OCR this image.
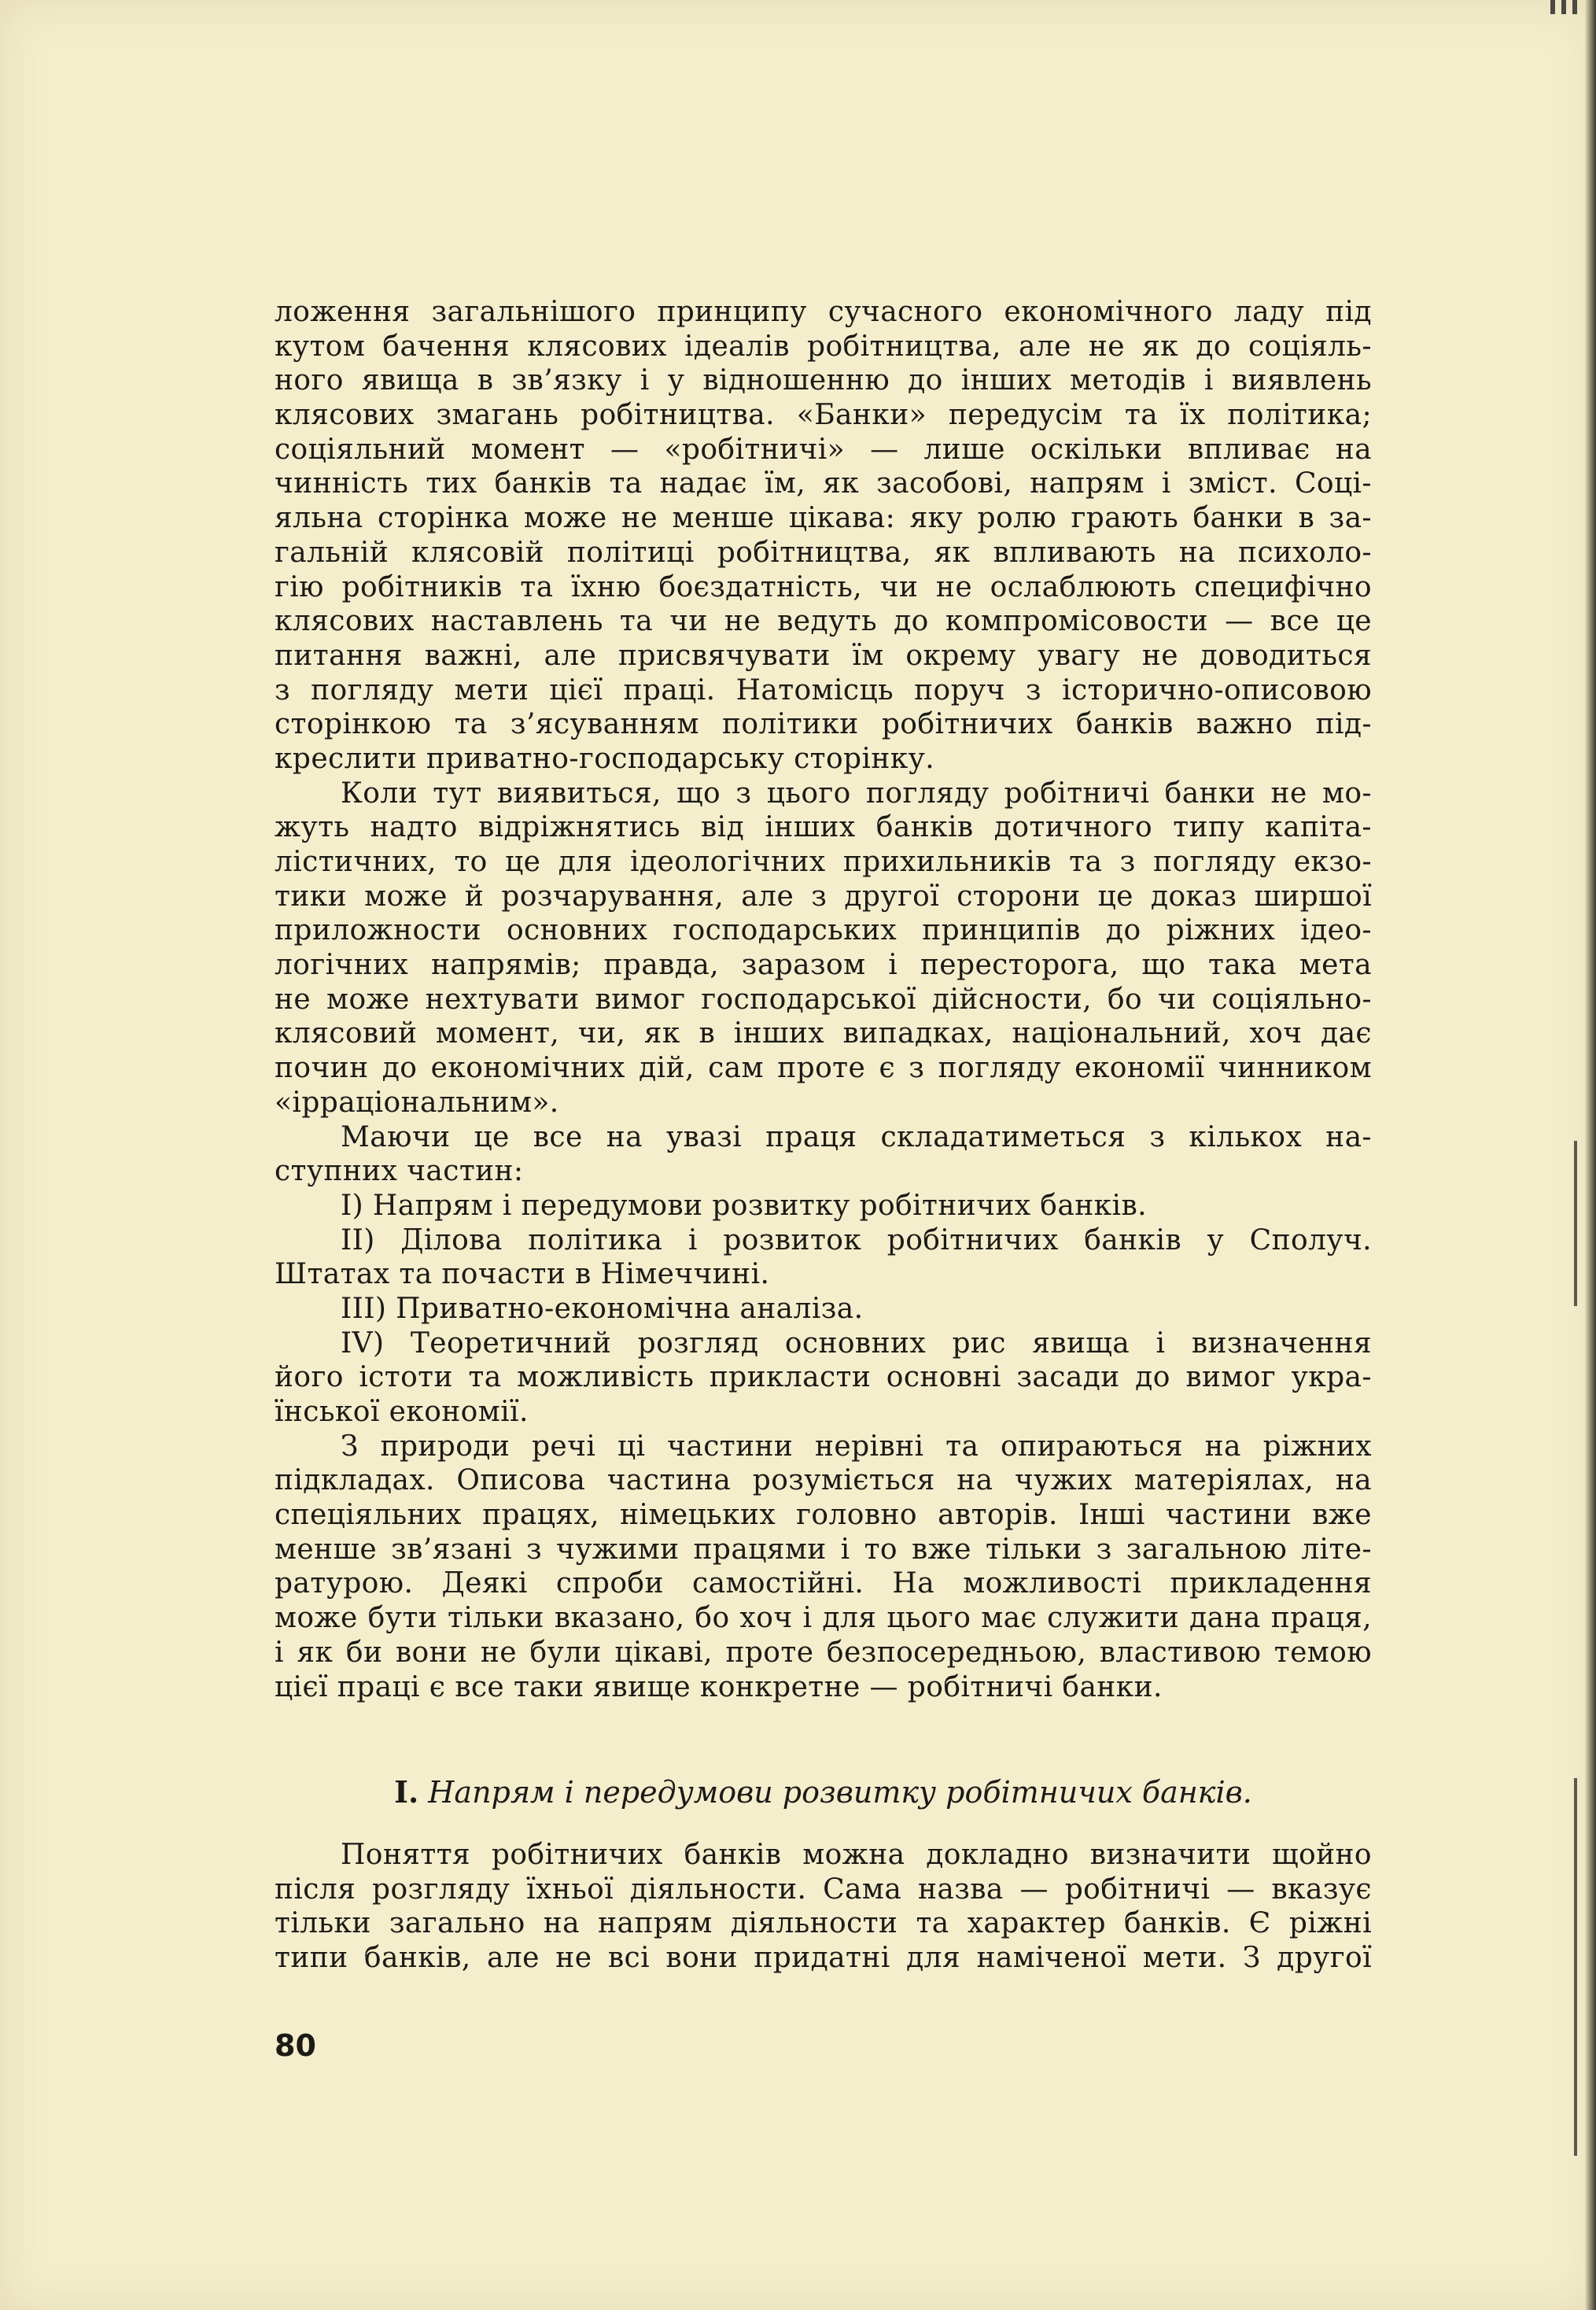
ложення загальнішого принципу сучасного економічного ладу під
кутом бачення клясових ідеалів робітництва, але не як до соціяль-
ного явища в зв’язку і у відношенню до інших методів і виявлень
клясових змагань робітництва. «Банки» передусім та їх політика;
соціяльний момент — «робітничі» — лише оскільки впливає на
чинність тих банків та надає їм, як засобові, напрям і зміст. Соці-
яльна сторінка може не менше цікава: яку ролю грають банки в за-
гальній клясовій політиці робітництва, як впливають на психоло-
гію робітників та їхню боєздатність, чи не ослаблюють специфічно
клясових наставлень та чи не ведуть до компромісовости — все це
питання важні, але присвячувати їм окрему увагу не доводиться
з погляду мети цієї праці. Натомісць поруч з історично-описовою
сторінкою та з’ясуванням політики робітничих банків важно під-
креслити приватно-господарську сторінку.
Коли тут виявиться, що з цього погляду робітничі банки не мо-
жуть надто відріжнятись від інших банків дотичного типу капіта-
лістичних, то це для ідеологічних прихильників та з погляду екзо-
тики може й розчарування, але з другої сторони це доказ ширшої
приложности основних господарських принципів до ріжних ідео-
логічних напрямів; правда, заразом і пересторога, що така мета
не може нехтувати вимог господарської дійсности, бо чи соціяльно-
клясовий момент, чи, як в інших випадках, національний, хоч дає
почин до економічних дій, сам проте є з погляду економії чинником
«ірраціональним».
Маючи це все на увазі праця складатиметься з кількох на-
ступних частин:
I) Напрям і передумови розвитку робітничих банків.
II) Ділова політика і розвиток робітничих банків у Сполуч.
Штатах та почасти в Німеччині.
III) Приватно-економічна аналіза.
IV) Теоретичний розгляд основних рис явища і визначення
його істоти та можливість прикласти основні засади до вимог укра-
їнської економії.
З природи речі ці частини нерівні та опираються на ріжних
підкладах. Описова частина розуміється на чужих матеріялах, на
спеціяльних працях, німецьких головно авторів. Інші частини вже
менше зв’язані з чужими працями і то вже тільки з загальною літе-
ратурою. Деякі спроби самостійні. На можливості прикладення
може бути тільки вказано, бо хоч і для цього має служити дана праця,
і як би вони не були цікаві, проте безпосередньою, властивою темою
цієї праці є все таки явище конкретне — робітничі банки.
I. Напрям і передумови розвитку робітничих банків.
Поняття робітничих банків можна докладно визначити щойно
після розгляду їхньої діяльности. Сама назва — робітничі — вказує
тільки загально на напрям діяльности та характер банків. Є ріжні
типи банків, але не всі вони придатні для наміченої мети. З другої
80
